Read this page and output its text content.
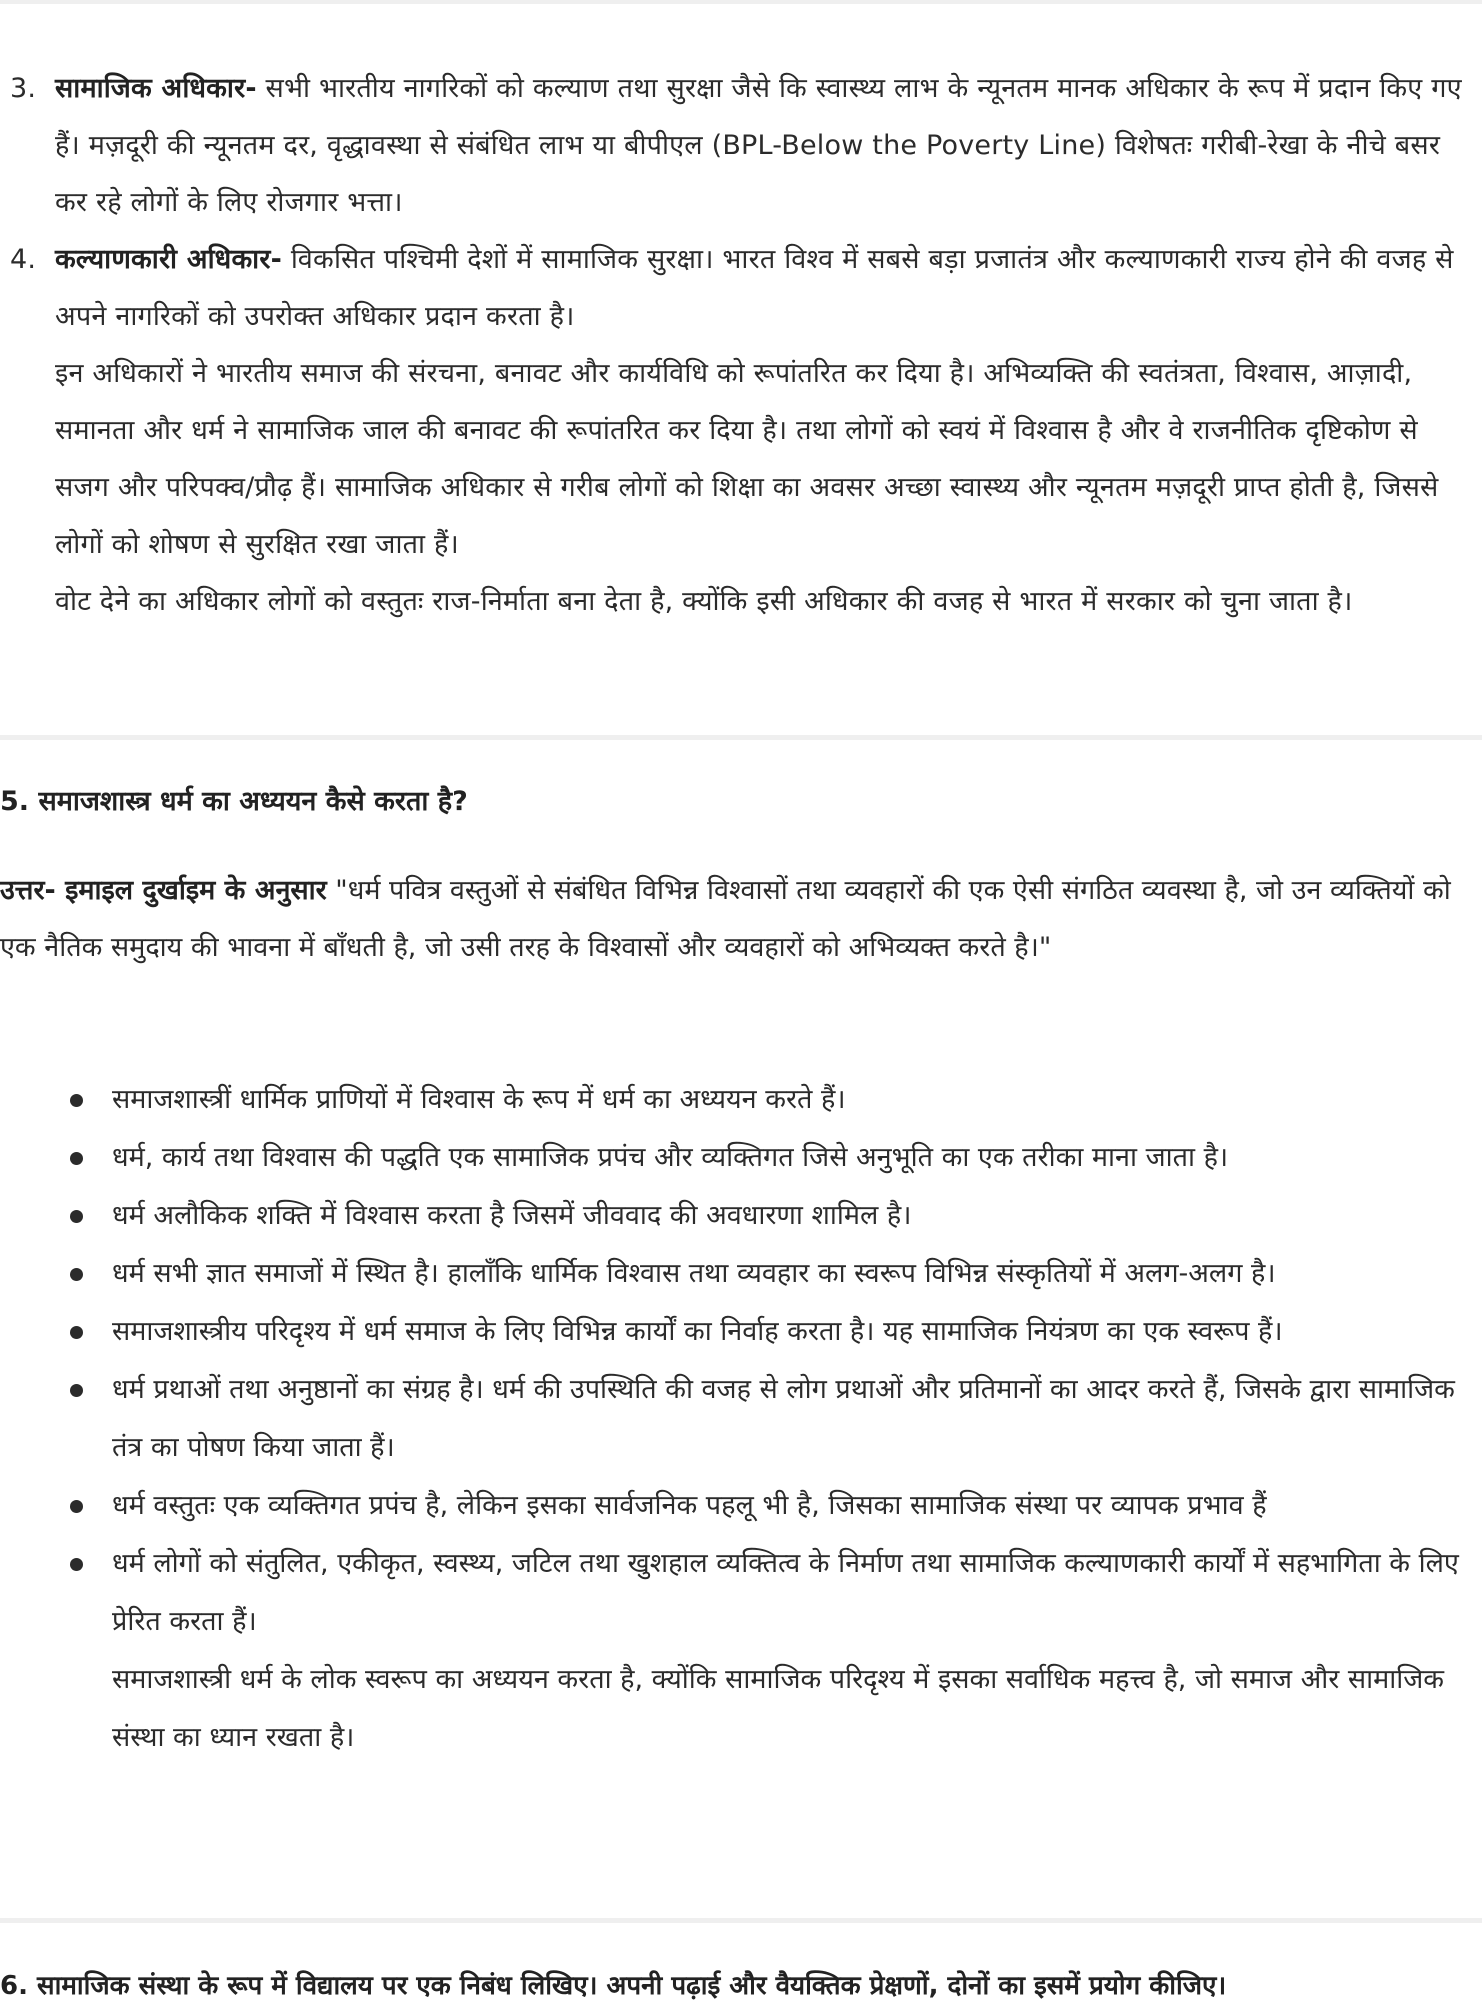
3. सामाजिक अधिकार- सभी भारतीय नागरिकों को कल्याण तथा सुरक्षा जैसे कि स्वास्थ्य लाभ के न्यूनतम मानक अधिकार के रूप में प्रदान किए गए हैं। मज़दूरी की न्यूनतम दर, वृद्धावस्था से संबंधित लाभ या बीपीएल (BPL-Below the Poverty Line) विशेषतः गरीबी-रेखा के नीचे बसर कर रहे लोगों के लिए रोजगार भत्ता।
4. कल्याणकारी अधिकार- विकसित पश्चिमी देशों में सामाजिक सुरक्षा। भारत विश्व में सबसे बड़ा प्रजातंत्र और कल्याणकारी राज्य होने की वजह से अपने नागरिकों को उपरोक्त अधिकार प्रदान करता है।

इन अधिकारों ने भारतीय समाज की संरचना, बनावट और कार्यविधि को रूपांतरित कर दिया है। अभिव्यक्ति की स्वतंत्रता, विश्वास, आज़ादी, समानता और धर्म ने सामाजिक जाल की बनावट की रूपांतरित कर दिया है। तथा लोगों को स्वयं में विश्वास है और वे राजनीतिक दृष्टिकोण से सजग और परिपक्व/प्रौढ़ हैं। सामाजिक अधिकार से गरीब लोगों को शिक्षा का अवसर अच्छा स्वास्थ्य और न्यूनतम मज़दूरी प्राप्त होती है, जिससे लोगों को शोषण से सुरक्षित रखा जाता हैं।

वोट देने का अधिकार लोगों को वस्तुतः राज-निर्माता बना देता है, क्योंकि इसी अधिकार की वजह से भारत में सरकार को चुना जाता है।

5. समाजशास्त्र धर्म का अध्ययन कैसे करता है?
उत्तर- इमाइल दुर्खाइम के अनुसार "धर्म पवित्र वस्तुओं से संबंधित विभिन्न विश्वासों तथा व्यवहारों की एक ऐसी संगठित व्यवस्था है, जो उन व्यक्तियों को एक नैतिक समुदाय की भावना में बाँधती है, जो उसी तरह के विश्वासों और व्यवहारों को अभिव्यक्त करते है।"
समाजशास्त्रीं धार्मिक प्राणियों में विश्वास के रूप में धर्म का अध्ययन करते हैं।
धर्म, कार्य तथा विश्वास की पद्धति एक सामाजिक प्रपंच और व्यक्तिगत जिसे अनुभूति का एक तरीका माना जाता है।
धर्म अलौकिक शक्ति में विश्वास करता है जिसमें जीववाद की अवधारणा शामिल है।
धर्म सभी ज्ञात समाजों में स्थित है। हालाँकि धार्मिक विश्वास तथा व्यवहार का स्वरूप विभिन्न संस्कृतियों में अलग-अलग है।
समाजशास्त्रीय परिदृश्य में धर्म समाज के लिए विभिन्न कार्यों का निर्वाह करता है। यह सामाजिक नियंत्रण का एक स्वरूप हैं।
धर्म प्रथाओं तथा अनुष्ठानों का संग्रह है। धर्म की उपस्थिति की वजह से लोग प्रथाओं और प्रतिमानों का आदर करते हैं, जिसके द्वारा सामाजिक तंत्र का पोषण किया जाता हैं।
धर्म वस्तुतः एक व्यक्तिगत प्रपंच है, लेकिन इसका सार्वजनिक पहलू भी है, जिसका सामाजिक संस्था पर व्यापक प्रभाव हैं
धर्म लोगों को संतुलित, एकीकृत, स्वस्थ्य, जटिल तथा खुशहाल व्यक्तित्व के निर्माण तथा सामाजिक कल्याणकारी कार्यों में सहभागिता के लिए प्रेरित करता हैं।
समाजशास्त्री धर्म के लोक स्वरूप का अध्ययन करता है, क्योंकि सामाजिक परिदृश्य में इसका सर्वाधिक महत्त्व है, जो समाज और सामाजिक संस्था का ध्यान रखता है।
6. सामाजिक संस्था के रूप में विद्यालय पर एक निबंध लिखिए। अपनी पढ़ाई और वैयक्तिक प्रेक्षणों, दोनों का इसमें प्रयोग कीजिए।
